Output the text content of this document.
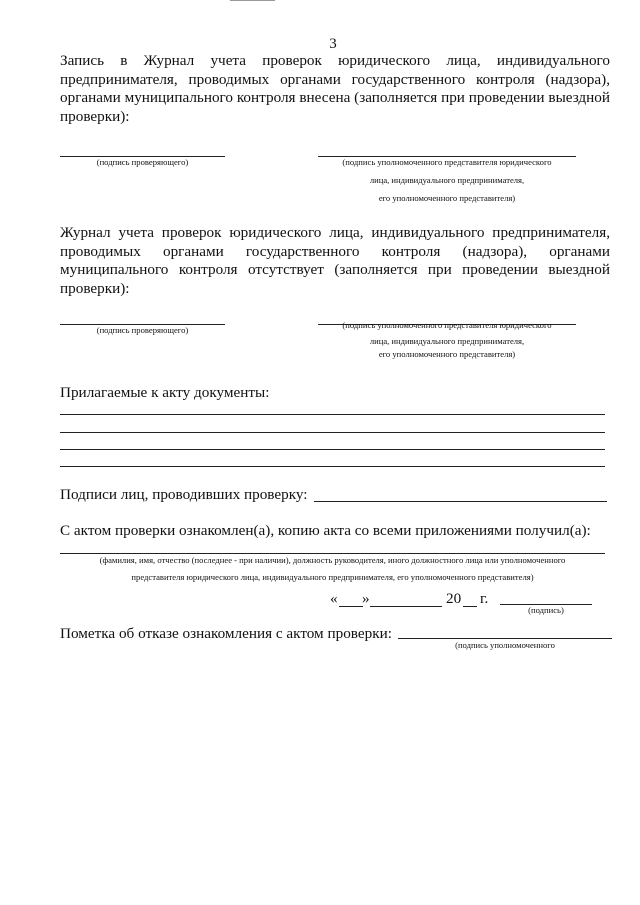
3
Запись в Журнал учета проверок юридического лица, индивидуального предпринимателя, проводимых органами государственного контроля (надзора), органами муниципального контроля внесена (заполняется при проведении выездной проверки):
(подпись проверяющего)	(подпись уполномоченного представителя юридического
лица, индивидуального предпринимателя,
его уполномоченного представителя)
Журнал учета проверок юридического лица, индивидуального предпринимателя, проводимых органами государственного контроля (надзора), органами муниципального контроля отсутствует (заполняется при проведении выездной проверки):
(подпись проверяющего)	(подпись уполномоченного представителя юридического
лица, индивидуального предпринимателя,
его уполномоченного представителя)
Прилагаемые к акту документы:
Подписи лиц, проводивших проверку:
С актом проверки ознакомлен(а), копию акта со всеми приложениями получил(а):
(фамилия, имя, отчество (последнее - при наличии), должность руководителя, иного должностного лица или уполномоченного
представителя юридического лица, индивидуального предпринимателя, его уполномоченного представителя)
« »	20 г.
(подпись)
Пометка об отказе ознакомления с актом проверки:
(подпись уполномоченного
